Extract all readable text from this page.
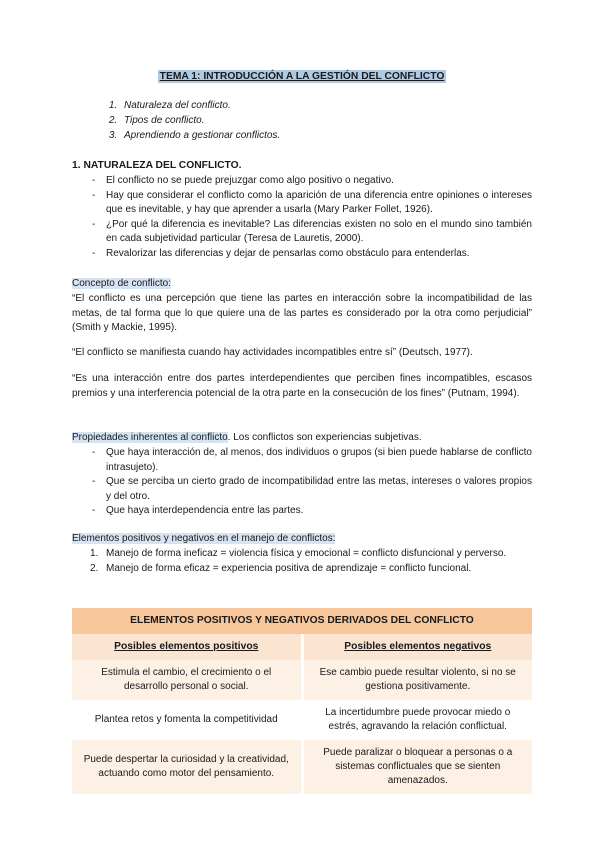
TEMA 1: INTRODUCCIÓN A LA GESTIÓN DEL CONFLICTO
1. Naturaleza del conflicto.
2. Tipos de conflicto.
3. Aprendiendo a gestionar conflictos.
1. NATURALEZA DEL CONFLICTO.
- El conflicto no se puede prejuzgar como algo positivo o negativo.
- Hay que considerar el conflicto como la aparición de una diferencia entre opiniones o intereses que es inevitable, y hay que aprender a usarla (Mary Parker Follet, 1926).
- ¿Por qué la diferencia es inevitable? Las diferencias existen no solo en el mundo sino también en cada subjetividad particular (Teresa de Lauretis, 2000).
- Revalorizar las diferencias y dejar de pensarlas como obstáculo para entenderlas.

Concepto de conflicto:

“El conflicto es una percepción que tiene las partes en interacción sobre la incompatibilidad de las metas, de tal forma que lo que quiere una de las partes es considerado por la otra como perjudicial” (Smith y Mackie, 1995).

“El conflicto se manifiesta cuando hay actividades incompatibles entre sí” (Deutsch, 1977).

“Es una interacción entre dos partes interdependientes que perciben fines incompatibles, escasos premios y una interferencia potencial de la otra parte en la consecución de los fines” (Putnam, 1994).

Propiedades inherentes al conflicto. Los conflictos son experiencias subjetivas.

- Que haya interacción de, al menos, dos individuos o grupos (si bien puede hablarse de conflicto intrasujeto).
- Que se perciba un cierto grado de incompatibilidad entre las metas, intereses o valores propios y del otro.
- Que haya interdependencia entre las partes.

Elementos positivos y negativos en el manejo de conflictos:

1. Manejo de forma ineficaz = violencia física y emocional = conflicto disfuncional y perverso.
2. Manejo de forma eficaz = experiencia positiva de aprendizaje = conflicto funcional.
ELEMENTOS POSITIVOS Y NEGATIVOS DERIVADOS DEL CONFLICTO	
Posibles elementos positivos	Posibles elementos negativos
Estimula el cambio, el crecimiento o el desarrollo personal o social.	Ese cambio puede resultar violento, si no se gestiona positivamente.
Plantea retos y fomenta la competitividad	La incertidumbre puede provocar miedo o estrés, agravando la relación conflictual.
Puede despertar la curiosidad y la creatividad, actuando como motor del pensamiento.	Puede paralizar o bloquear a personas o a sistemas conflictuales que se sienten amenazados.
